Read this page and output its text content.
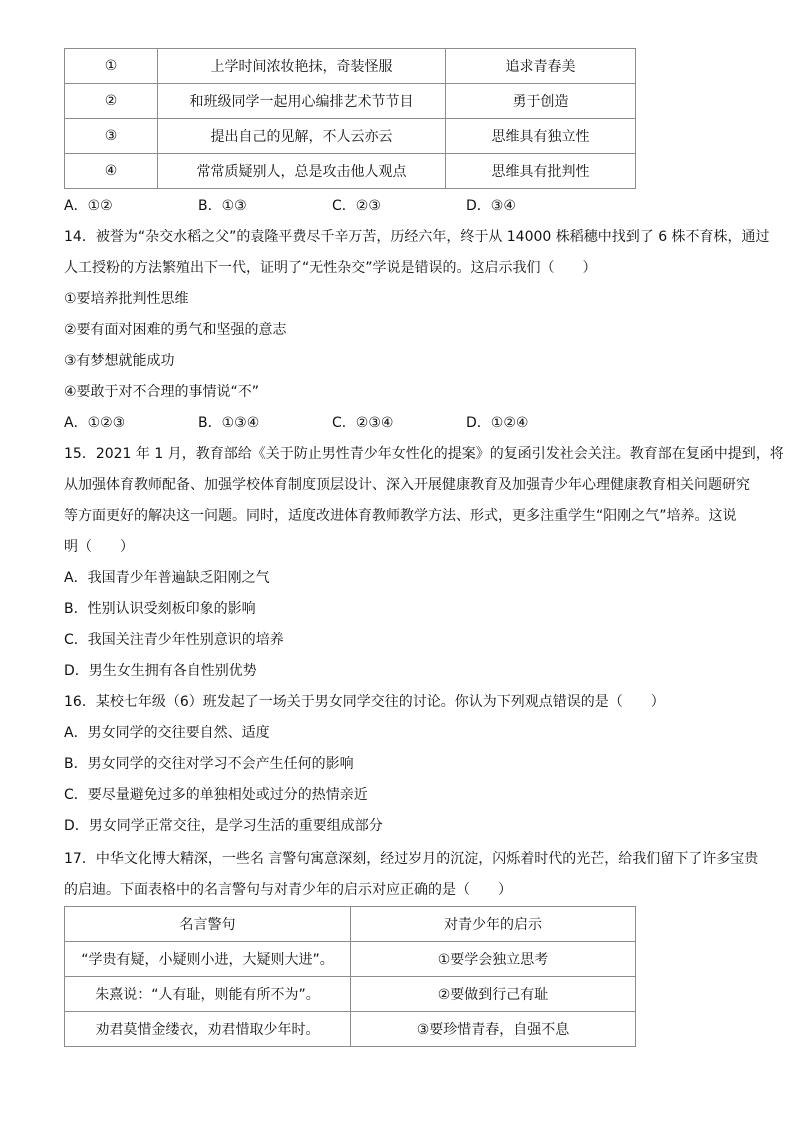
①	上学时间浓妆艳抹，奇装怪服	追求青春美
②	和班级同学一起用心编排艺术节节目	勇于创造
③	提出自己的见解，不人云亦云	思维具有独立性
④	常常质疑别人，总是攻击他人观点	思维具有批判性
A．①②	B．①③	C．②③	D．③④
14．被誉为“杂交水稻之父”的袁隆平费尽千辛万苦，历经六年，终于从 14000 株稻穗中找到了 6 株不育株，通过
人工授粉的方法繁殖出下一代，证明了“无性杂交”学说是错误的。这启示我们（　　）
①要培养批判性思维
②要有面对困难的勇气和坚强的意志
③有梦想就能成功
④要敢于对不合理的事情说“不”
A．①②③	B．①③④	C．②③④	D．①②④
15．2021 年 1 月，教育部给《关于防止男性青少年女性化的提案》的复函引发社会关注。教育部在复函中提到，将
从加强体育教师配备、加强学校体育制度顶层设计、深入开展健康教育及加强青少年心理健康教育相关问题研究
等方面更好的解决这一问题。同时，适度改进体育教师教学方法、形式，更多注重学生“阳刚之气”培养。这说
明（　　）
A．我国青少年普遍缺乏阳刚之气
B．性别认识受刻板印象的影响
C．我国关注青少年性别意识的培养
D．男生女生拥有各自性别优势
16．某校七年级（6）班发起了一场关于男女同学交往的讨论。你认为下列观点错误的是（　　）
A．男女同学的交往要自然、适度
B．男女同学的交往对学习不会产生任何的影响
C．要尽量避免过多的单独相处或过分的热情亲近
D．男女同学正常交往，是学习生活的重要组成部分
17．中华文化博大精深，一些名 言警句寓意深刻，经过岁月的沉淀，闪烁着时代的光芒，给我们留下了许多宝贵
的启迪。下面表格中的名言警句与对青少年的启示对应正确的是（　　）
名言警句	对青少年的启示
“学贵有疑，小疑则小进，大疑则大进”。	①要学会独立思考
朱熹说：“人有耻，则能有所不为”。	②要做到行己有耻
劝君莫惜金缕衣，劝君惜取少年时。	③要珍惜青春，自强不息
